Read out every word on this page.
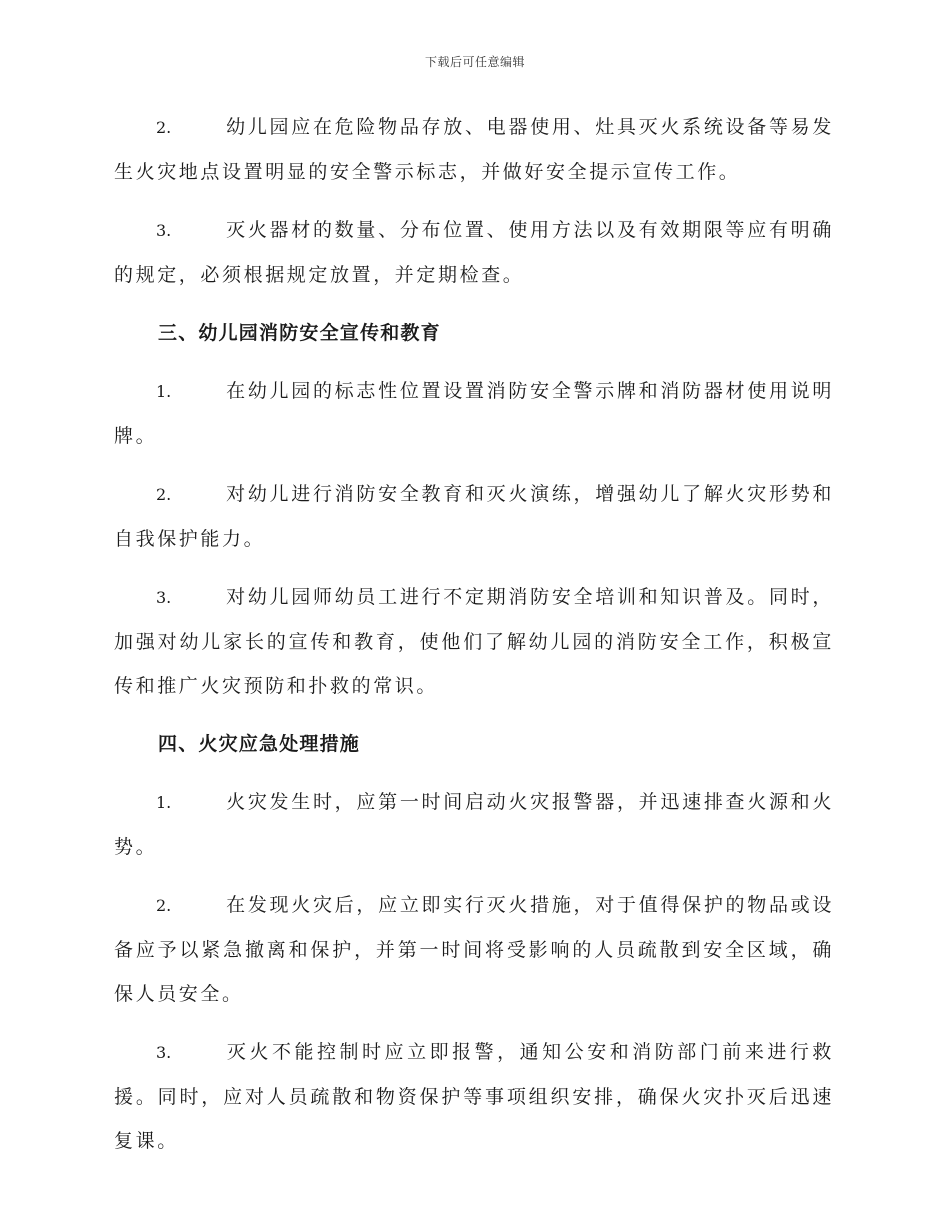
下载后可任意编辑
2.	幼儿园应在危险物品存放、电器使用、灶具灭火系统设备等易发生火灾地点设置明显的安全警示标志，并做好安全提示宣传工作。
3.	灭火器材的数量、分布位置、使用方法以及有效期限等应有明确的规定，必须根据规定放置，并定期检查。
三、幼儿园消防安全宣传和教育
1.	在幼儿园的标志性位置设置消防安全警示牌和消防器材使用说明牌。
2.	对幼儿进行消防安全教育和灭火演练，增强幼儿了解火灾形势和自我保护能力。
3.	对幼儿园师幼员工进行不定期消防安全培训和知识普及。同时，加强对幼儿家长的宣传和教育，使他们了解幼儿园的消防安全工作，积极宣传和推广火灾预防和扑救的常识。
四、火灾应急处理措施
1.	火灾发生时，应第一时间启动火灾报警器，并迅速排查火源和火势。
2.	在发现火灾后，应立即实行灭火措施，对于值得保护的物品或设备应予以紧急撤离和保护，并第一时间将受影响的人员疏散到安全区域，确保人员安全。
3.	灭火不能控制时应立即报警，通知公安和消防部门前来进行救援。同时，应对人员疏散和物资保护等事项组织安排，确保火灾扑灭后迅速复课。
